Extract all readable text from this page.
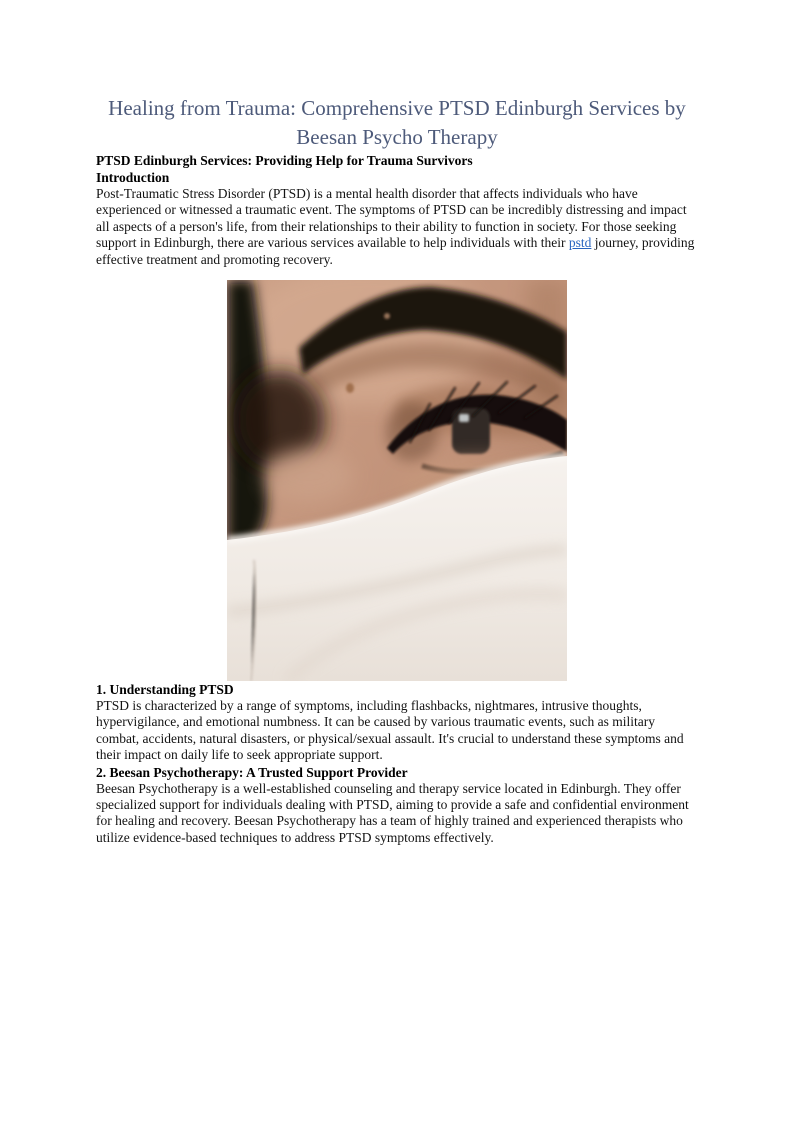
Healing from Trauma: Comprehensive PTSD Edinburgh Services by Beesan Psycho Therapy

PTSD Edinburgh Services: Providing Help for Trauma Survivors

Introduction

Post-Traumatic Stress Disorder (PTSD) is a mental health disorder that affects individuals who have experienced or witnessed a traumatic event. The symptoms of PTSD can be incredibly distressing and impact all aspects of a person's life, from their relationships to their ability to function in society. For those seeking support in Edinburgh, there are various services available to help individuals with their pstd journey, providing effective treatment and promoting recovery.

1. Understanding PTSD

PTSD is characterized by a range of symptoms, including flashbacks, nightmares, intrusive thoughts, hypervigilance, and emotional numbness. It can be caused by various traumatic events, such as military combat, accidents, natural disasters, or physical/sexual assault. It's crucial to understand these symptoms and their impact on daily life to seek appropriate support.

2. Beesan Psychotherapy: A Trusted Support Provider

Beesan Psychotherapy is a well-established counseling and therapy service located in Edinburgh. They offer specialized support for individuals dealing with PTSD, aiming to provide a safe and confidential environment for healing and recovery. Beesan Psychotherapy has a team of highly trained and experienced therapists who utilize evidence-based techniques to address PTSD symptoms effectively.
